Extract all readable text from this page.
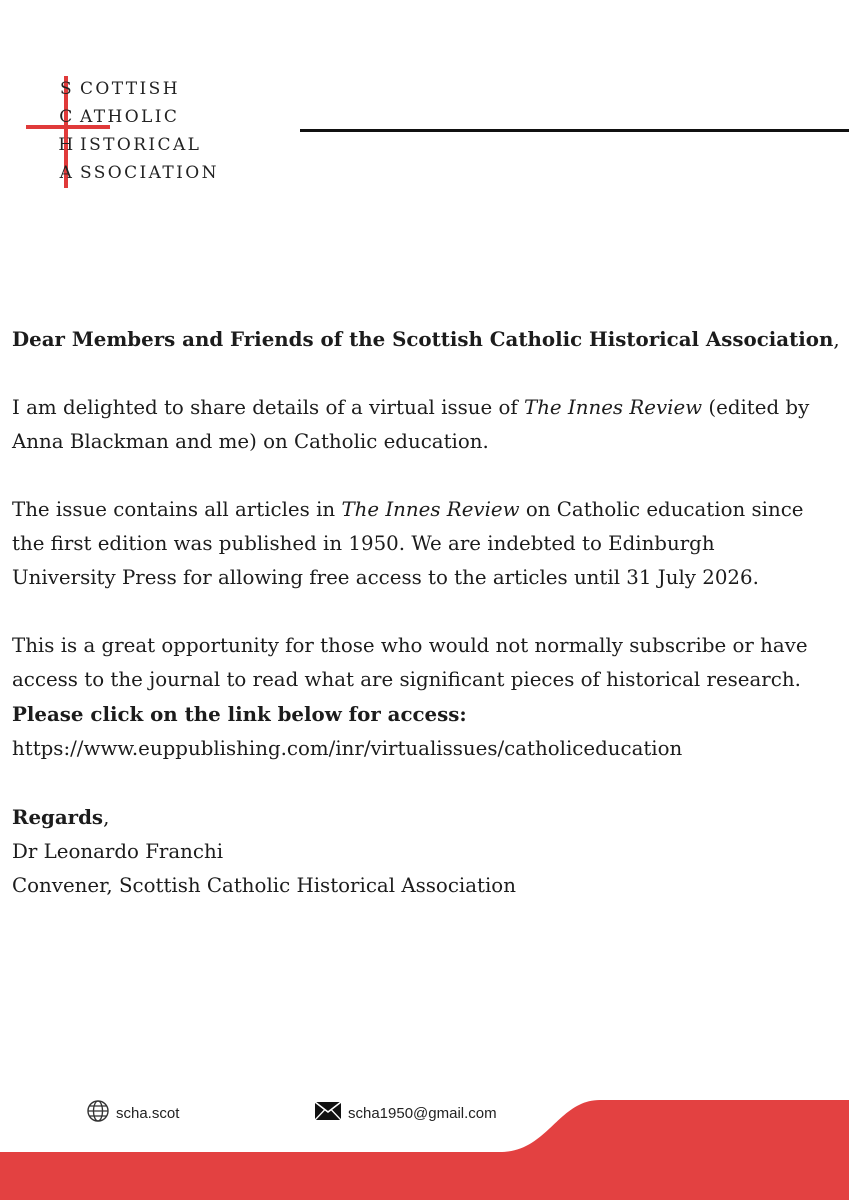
S COTTISH
C ATHOLIC
H ISTORICAL
A SSOCIATION

Dear Members and Friends of the Scottish Catholic Historical Association,

I am delighted to share details of a virtual issue of The Innes Review (edited by

Anna Blackman and me) on Catholic education.

The issue contains all articles in The Innes Review on Catholic education since

the first edition was published in 1950. We are indebted to Edinburgh

University Press for allowing free access to the articles until 31 July 2026.

This is a great opportunity for those who would not normally subscribe or have

access to the journal to read what are significant pieces of historical research.

Please click on the link below for access:

https://www.euppublishing.com/inr/virtualissues/catholiceducation

Regards,

Dr Leonardo Franchi

Convener, Scottish Catholic Historical Association

scha.scot	scha1950@gmail.com
